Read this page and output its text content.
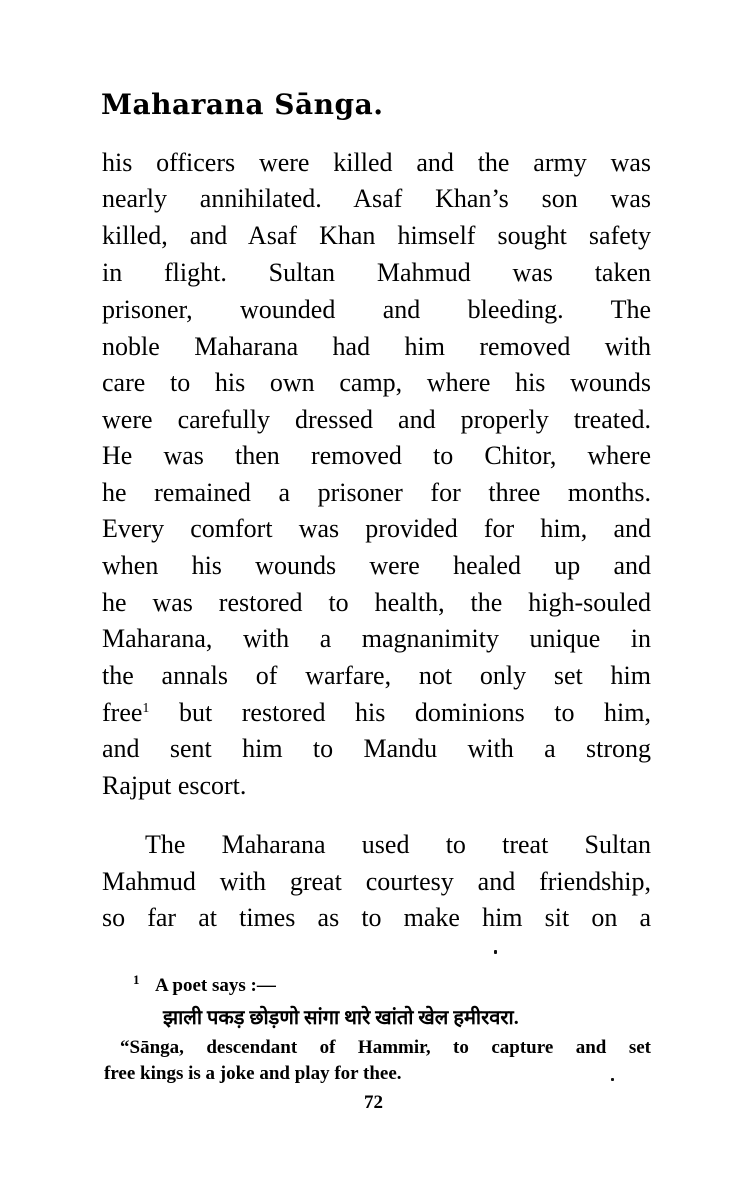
Maharana Sānga.
his officers were killed and the army was
nearly annihilated. Asaf Khan’s son was
killed, and Asaf Khan himself sought safety
in flight. Sultan Mahmud was taken
prisoner, wounded and bleeding. The
noble Maharana had him removed with
care to his own camp, where his wounds
were carefully dressed and properly treated.
He was then removed to Chitor, where
he remained a prisoner for three months.
Every comfort was provided for him, and
when his wounds were healed up and
he was restored to health, the high-souled
Maharana, with a magnanimity unique in
the annals of warfare, not only set him
free$^1$ but restored his dominions to him,
and sent him to Mandu with a strong
Rajput escort.
The Maharana used to treat Sultan
Mahmud with great courtesy and friendship,
so far at times as to make him sit on a
1 A poet says :—
झाली पकड़ छोड़णो सांगा थारे खांतो खेल हमीरवरा.
“Sānga, descendant of Hammir, to capture and set
free kings is a joke and play for thee.
72
